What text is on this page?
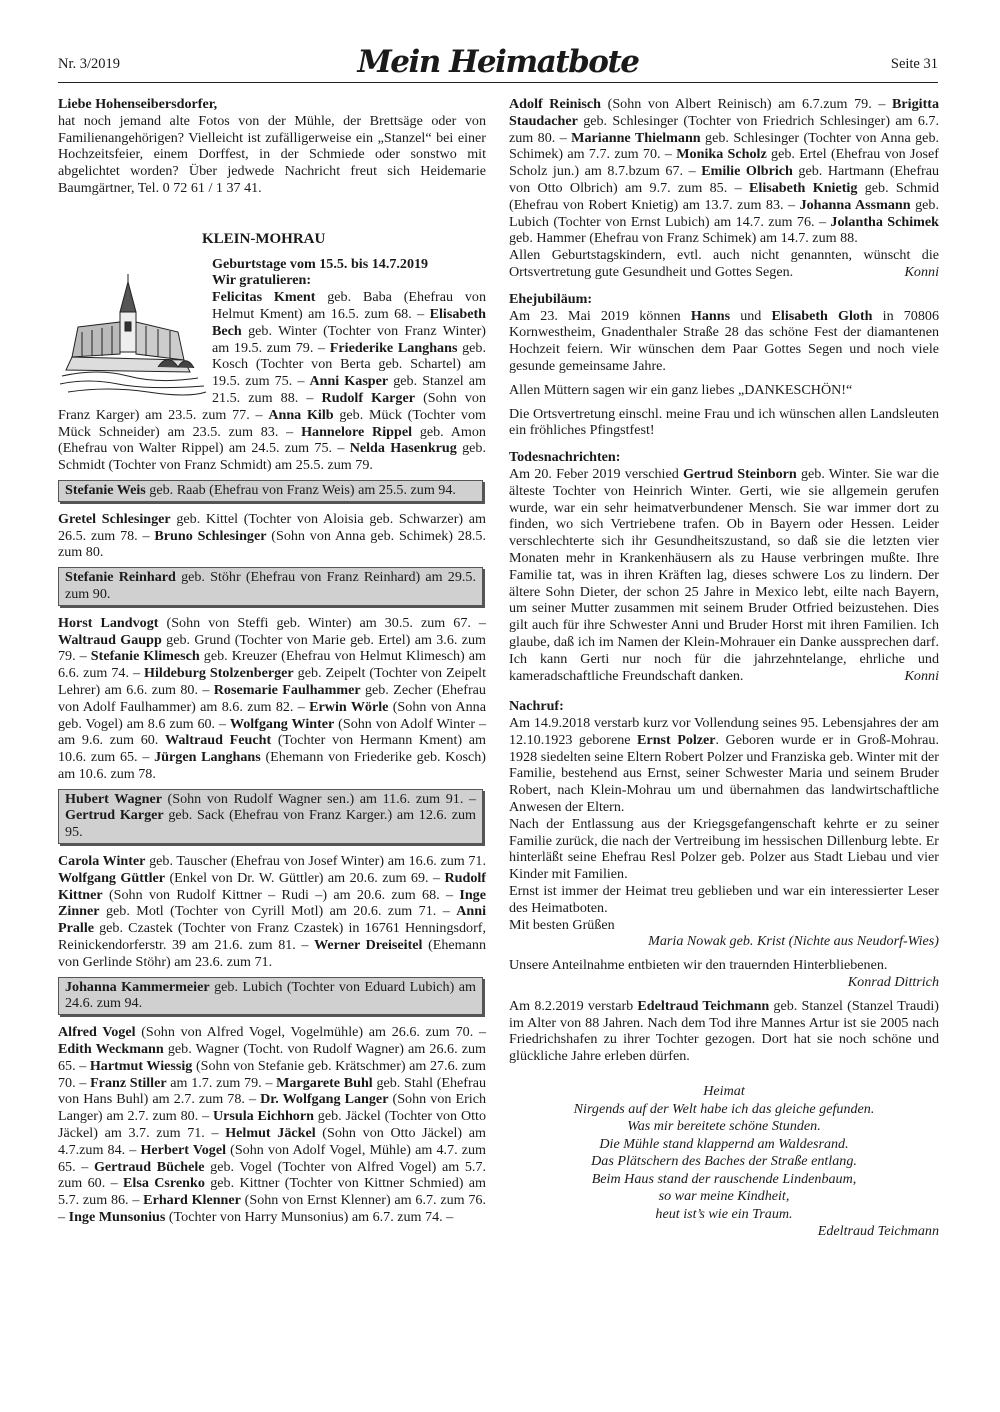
Nr. 3/2019	Mein Heimatbote	Seite 31

Liebe Hohenseibersdorfer,

hat noch jemand alte Fotos von der Mühle, der Brettsäge oder von Familienangehörigen? Vielleicht ist zufälligerweise ein „Stanzel“ bei einer Hochzeitsfeier, einem Dorffest, in der Schmiede oder sonstwo mit abgelichtet worden? Über jedwede Nachricht freut sich Heidemarie Baumgärtner, Tel. 0 72 61 / 1 37 41.

KLEIN-MOHRAU

Geburtstage vom 15.5. bis 14.7.2019

Wir gratulieren:

Felicitas Kment geb. Baba (Ehefrau von Helmut Kment) am 16.5. zum 68. – Elisabeth Bech geb. Winter (Tochter von Franz Winter) am 19.5. zum 79. – Friederike Langhans geb. Kosch (Tochter von Berta geb. Schartel) am 19.5. zum 75. – Anni Kasper geb. Stanzel am 21.5. zum 88. – Rudolf Karger (Sohn von Franz Karger) am 23.5. zum 77. – Anna Kilb geb. Mück (Tochter vom Mück Schneider) am 23.5. zum 83. – Hannelore Rippel geb. Amon (Ehefrau von Walter Rippel) am 24.5. zum 75. – Nelda Hasenkrug geb. Schmidt (Tochter von Franz Schmidt) am 25.5. zum 79.

Stefanie Weis geb. Raab (Ehefrau von Franz Weis) am 25.5. zum 94.

Gretel Schlesinger geb. Kittel (Tochter von Aloisia geb. Schwarzer) am 26.5. zum 78. – Bruno Schlesinger (Sohn von Anna geb. Schimek) 28.5. zum 80.

Stefanie Reinhard geb. Stöhr (Ehefrau von Franz Reinhard) am 29.5. zum 90.

Horst Landvogt (Sohn von Steffi geb. Winter) am 30.5. zum 67. – Waltraud Gaupp geb. Grund (Tochter von Marie geb. Ertel) am 3.6. zum 79. – Stefanie Klimesch geb. Kreuzer (Ehefrau von Helmut Klimesch) am 6.6. zum 74. – Hildeburg Stolzenberger geb. Zeipelt (Tochter von Zeipelt Lehrer) am 6.6. zum 80. – Rosemarie Faulhammer geb. Zecher (Ehefrau von Adolf Faulhammer) am 8.6. zum 82. – Erwin Wörle (Sohn von Anna geb. Vogel) am 8.6 zum 60. – Wolfgang Winter (Sohn von Adolf Winter – am 9.6. zum 60. Waltraud Feucht (Tochter von Hermann Kment) am 10.6. zum 65. – Jürgen Langhans (Ehemann von Friederike geb. Kosch) am 10.6. zum 78.

Hubert Wagner (Sohn von Rudolf Wagner sen.) am 11.6. zum 91. – Gertrud Karger geb. Sack (Ehefrau von Franz Karger.) am 12.6. zum 95.

Carola Winter geb. Tauscher (Ehefrau von Josef Winter) am 16.6. zum 71. Wolfgang Güttler (Enkel von Dr. W. Güttler) am 20.6. zum 69. – Rudolf Kittner (Sohn von Rudolf Kittner – Rudi –) am 20.6. zum 68. – Inge Zinner geb. Motl (Tochter von Cyrill Motl) am 20.6. zum 71. – Anni Pralle geb. Czastek (Tochter von Franz Czastek) in 16761 Henningsdorf, Reinickendorferstr. 39 am 21.6. zum 81. – Werner Dreiseitel (Ehemann von Gerlinde Stöhr) am 23.6. zum 71.

Johanna Kammermeier geb. Lubich (Tochter von Eduard Lubich) am 24.6. zum 94.

Alfred Vogel (Sohn von Alfred Vogel, Vogelmühle) am 26.6. zum 70. – Edith Weckmann geb. Wagner (Tocht. von Rudolf Wagner) am 26.6. zum 65. – Hartmut Wiessig (Sohn von Stefanie geb. Krätschmer) am 27.6. zum 70. – Franz Stiller am 1.7. zum 79. – Margarete Buhl geb. Stahl (Ehefrau von Hans Buhl) am 2.7. zum 78. – Dr. Wolfgang Langer (Sohn von Erich Langer) am 2.7. zum 80. – Ursula Eichhorn geb. Jäckel (Tochter von Otto Jäckel) am 3.7. zum 71. – Helmut Jäckel (Sohn von Otto Jäckel) am 4.7.zum 84. – Herbert Vogel (Sohn von Adolf Vogel, Mühle) am 4.7. zum 65. – Gertraud Büchele geb. Vogel (Tochter von Alfred Vogel) am 5.7. zum 60. – Elsa Csrenko geb. Kittner (Tochter von Kittner Schmied) am 5.7. zum 86. – Erhard Klenner (Sohn von Ernst Klenner) am 6.7. zum 76. – Inge Munsonius (Tochter von Harry Munsonius) am 6.7. zum 74. –

Adolf Reinisch (Sohn von Albert Reinisch) am 6.7.zum 79. – Brigitta Staudacher geb. Schlesinger (Tochter von Friedrich Schlesinger) am 6.7. zum 80. – Marianne Thielmann geb. Schlesinger (Tochter von Anna geb. Schimek) am 7.7. zum 70. – Monika Scholz geb. Ertel (Ehefrau von Josef Scholz jun.) am 8.7.bzum 67. – Emilie Olbrich geb. Hartmann (Ehefrau von Otto Olbrich) am 9.7. zum 85. – Elisabeth Knietig geb. Schmid (Ehefrau von Robert Knietig) am 13.7. zum 83. – Johanna Assmann geb. Lubich (Tochter von Ernst Lubich) am 14.7. zum 76. – Jolantha Schimek geb. Hammer (Ehefrau von Franz Schimek) am 14.7. zum 88.

Allen Geburtstagskindern, evtl. auch nicht genannten, wünscht die Ortsvertretung gute Gesundheit und Gottes Segen.	Konni

Ehejubiläum:

Am 23. Mai 2019 können Hanns und Elisabeth Gloth in 70806 Kornwestheim, Gnadenthaler Straße 28 das schöne Fest der diamantenen Hochzeit feiern. Wir wünschen dem Paar Gottes Segen und noch viele gesunde gemeinsame Jahre.

Allen Müttern sagen wir ein ganz liebes „DANKESCHÖN!“

Die Ortsvertretung einschl. meine Frau und ich wünschen allen Landsleuten ein fröhliches Pfingstfest!

Todesnachrichten:

Am 20. Feber 2019 verschied Gertrud Steinborn geb. Winter. Sie war die älteste Tochter von Heinrich Winter. Gerti, wie sie allgemein gerufen wurde, war ein sehr heimatverbundener Mensch. Sie war immer dort zu finden, wo sich Vertriebene trafen. Ob in Bayern oder Hessen. Leider verschlechterte sich ihr Gesundheitszustand, so daß sie die letzten vier Monaten mehr in Krankenhäusern als zu Hause verbringen mußte. Ihre Familie tat, was in ihren Kräften lag, dieses schwere Los zu lindern. Der ältere Sohn Dieter, der schon 25 Jahre in Mexico lebt, eilte nach Bayern, um seiner Mutter zusammen mit seinem Bruder Otfried beizustehen. Dies gilt auch für ihre Schwester Anni und Bruder Horst mit ihren Familien. Ich glaube, daß ich im Namen der Klein-Mohrauer ein Danke aussprechen darf. Ich kann Gerti nur noch für die jahrzehntelange, ehrliche und kameradschaftliche Freundschaft danken.	Konni

Nachruf:

Am 14.9.2018 verstarb kurz vor Vollendung seines 95. Lebensjahres der am 12.10.1923 geborene Ernst Polzer. Geboren wurde er in Groß-Mohrau. 1928 siedelten seine Eltern Robert Polzer und Franziska geb. Winter mit der Familie, bestehend aus Ernst, seiner Schwester Maria und seinem Bruder Robert, nach Klein-Mohrau um und übernahmen das landwirtschaftliche Anwesen der Eltern.

Nach der Entlassung aus der Kriegsgefangenschaft kehrte er zu seiner Familie zurück, die nach der Vertreibung im hessischen Dillenburg lebte. Er hinterläßt seine Ehefrau Resl Polzer geb. Polzer aus Stadt Liebau und vier Kinder mit Familien.

Ernst ist immer der Heimat treu geblieben und war ein interessierter Leser des Heimatboten.

Mit besten Grüßen

Maria Nowak geb. Krist (Nichte aus Neudorf-Wies)

Unsere Anteilnahme entbieten wir den trauernden Hinterbliebenen.

Konrad Dittrich

Am 8.2.2019 verstarb Edeltraud Teichmann geb. Stanzel (Stanzel Traudi) im Alter von 88 Jahren. Nach dem Tod ihre Mannes Artur ist sie 2005 nach Friedrichshafen zu ihrer Tochter gezogen. Dort hat sie noch schöne und glückliche Jahre erleben dürfen.

Heimat
Nirgends auf der Welt habe ich das gleiche gefunden.
Was mir bereitete schöne Stunden.
Die Mühle stand klappernd am Waldesrand.
Das Plätschern des Baches der Straße entlang.
Beim Haus stand der rauschende Lindenbaum,
so war meine Kindheit,
heut ist’s wie ein Traum.

Edeltraud Teichmann
